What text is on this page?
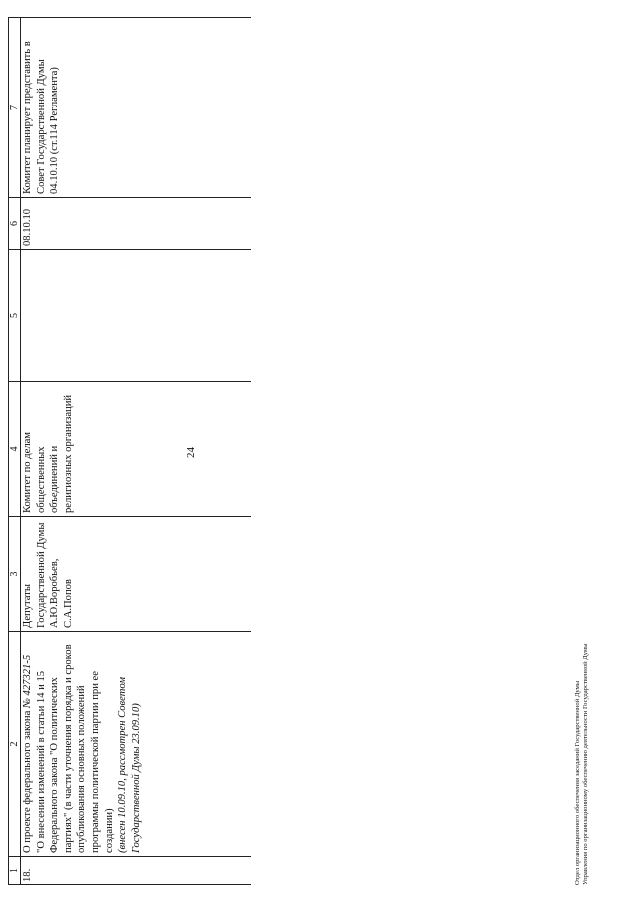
24
1	2	3	4	5	6	7
18.	О проекте федерального закона № 427321-5 "О внесении изменений в статьи 14 и 15 Федерального закона "О политических партиях" (в части уточнения порядка и сроков опубликования основных положений программы политической партии при ее создании) (внесен 10.09.10, рассмотрен Советом Государственной Думы 23.09.10)	Депутаты Государственной Думы А.Ю.Воробьев, С.А.Попов	Комитет по делам общественных объединений и религиозных организаций		08.10.10	Комитет планирует представить в Совет Государственной Думы 04.10.10 (ст.114 Регламента)
Отдел организационного обеспечения заседаний Государственной Думы Управления по организационному обеспечению деятельности Государственной Думы
